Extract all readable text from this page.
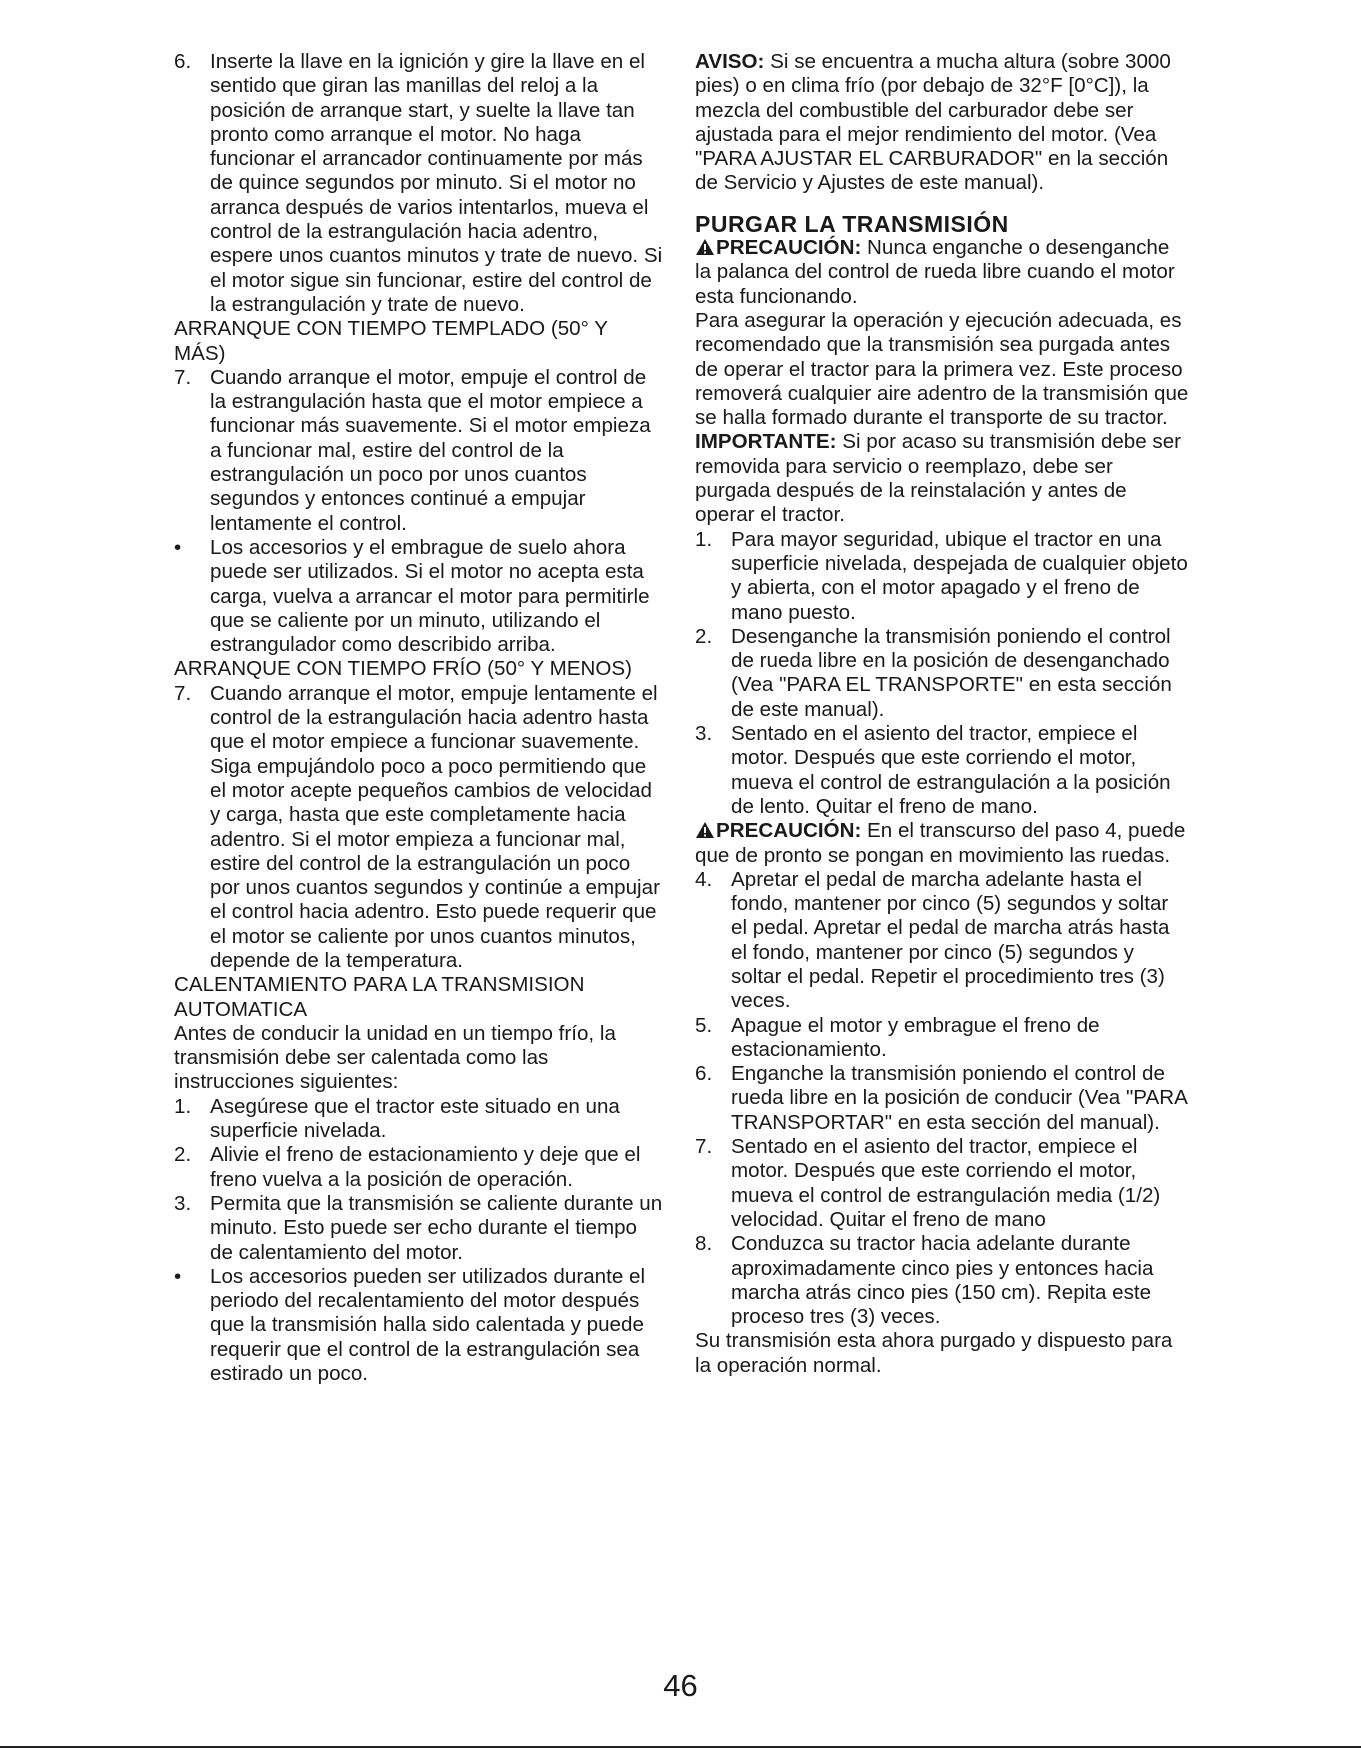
6. Inserte la llave en la ignición y gire la llave en el sentido que giran las manillas del reloj a la posición de arranque start, y suelte la llave tan pronto como arranque el motor. No haga funcionar el arrancador continuamente por más de quince segundos por minuto. Si el motor no arranca después de varios intentarlos, mueva el control de la estrangulación hacia adentro, espere unos cuantos minutos y trate de nuevo. Si el motor sigue sin funcionar, estire del control de la estrangulación y trate de nuevo.

ARRANQUE CON TIEMPO TEMPLADO (50° Y MÁS)

7. Cuando arranque el motor, empuje el control de la estrangulación hasta que el motor empiece a funcionar más suavemente. Si el motor empieza a funcionar mal, estire del control de la estrangulación un poco por unos cuantos segundos y entonces continué a empujar lentamente el control.
•	Los accesorios y el embrague de suelo ahora puede ser utilizados. Si el motor no acepta esta carga, vuelva a arrancar el motor para permitirle que se caliente por un minuto, utilizando el estrangulador como describido arriba.

ARRANQUE CON TIEMPO FRÍO (50° Y MENOS)

7. Cuando arranque el motor, empuje lentamente el control de la estrangulación hacia adentro hasta que el motor empiece a funcionar suavemente. Siga empujándolo poco a poco permitiendo que el motor acepte pequeños cambios de velocidad y carga, hasta que este completamente hacia adentro. Si el motor empieza a funcionar mal, estire del control de la estrangulación un poco por unos cuantos segundos y continúe a empujar el control hacia adentro. Esto puede requerir que el motor se caliente por unos cuantos minutos, depende de la temperatura.

CALENTAMIENTO PARA LA TRANSMISION AUTOMATICA

Antes de conducir la unidad en un tiempo frío, la transmisión debe ser calentada como las instrucciones siguientes:

1. Asegúrese que el tractor este situado en una superficie nivelada.
2. Alivie el freno de estacionamiento y deje que el freno vuelva a la posición de operación.
3. Permita que la transmisión se caliente durante un minuto. Esto puede ser echo durante el tiempo de calentamiento del motor.
•	Los accesorios pueden ser utilizados durante el periodo del recalentamiento del motor después que la transmisión halla sido calentada y puede requerir que el control de la estrangulación sea estirado un poco.

AVISO: Si se encuentra a mucha altura (sobre 3000 pies) o en clima frío (por debajo de 32°F [0°C]), la mezcla del combustible del carburador debe ser ajustada para el mejor rendimiento del motor. (Vea "PARA AJUSTAR EL CARBURADOR" en la sección de Servicio y Ajustes de este manual).

PURGAR LA TRANSMISIÓN

PRECAUCIÓN: Nunca enganche o desenganche la palanca del control de rueda libre cuando el motor esta funcionando.

Para asegurar la operación y ejecución adecuada, es recomendado que la transmisión sea purgada antes de operar el tractor para la primera vez. Este proceso removerá cualquier aire adentro de la transmisión que se halla formado durante el transporte de su tractor.

IMPORTANTE: Si por acaso su transmisión debe ser removida para servicio o reemplazo, debe ser purgada después de la reinstalación y antes de operar el tractor.

1. Para mayor seguridad, ubique el tractor en una superficie nivelada, despejada de cualquier objeto y abierta, con el motor apagado y el freno de mano puesto.
2. Desenganche la transmisión poniendo el control de rueda libre en la posición de desenganchado (Vea "PARA EL TRANSPORTE" en esta sección de este manual).
3. Sentado en el asiento del tractor, empiece el motor. Después que este corriendo el motor, mueva el control de estrangulación a la posición de lento. Quitar el freno de mano.

PRECAUCIÓN: En el transcurso del paso 4, puede que de pronto se pongan en movimiento las ruedas.

4. Apretar el pedal de marcha adelante hasta el fondo, mantener por cinco (5) segundos y soltar el pedal. Apretar el pedal de marcha atrás hasta el fondo, mantener por cinco (5) segundos y soltar el pedal. Repetir el procedimiento tres (3) veces.
5. Apague el motor y embrague el freno de estacionamiento.
6. Enganche la transmisión poniendo el control de rueda libre en la posición de conducir (Vea "PARA TRANSPORTAR" en esta sección del manual).
7. Sentado en el asiento del tractor, empiece el motor. Después que este corriendo el motor, mueva el control de estrangulación media (1/2) velocidad. Quitar el freno de mano
8. Conduzca su tractor hacia adelante durante aproximadamente cinco pies y entonces hacia marcha atrás cinco pies (150 cm). Repita este proceso tres (3) veces.

Su transmisión esta ahora purgado y dispuesto para la operación normal.

46
